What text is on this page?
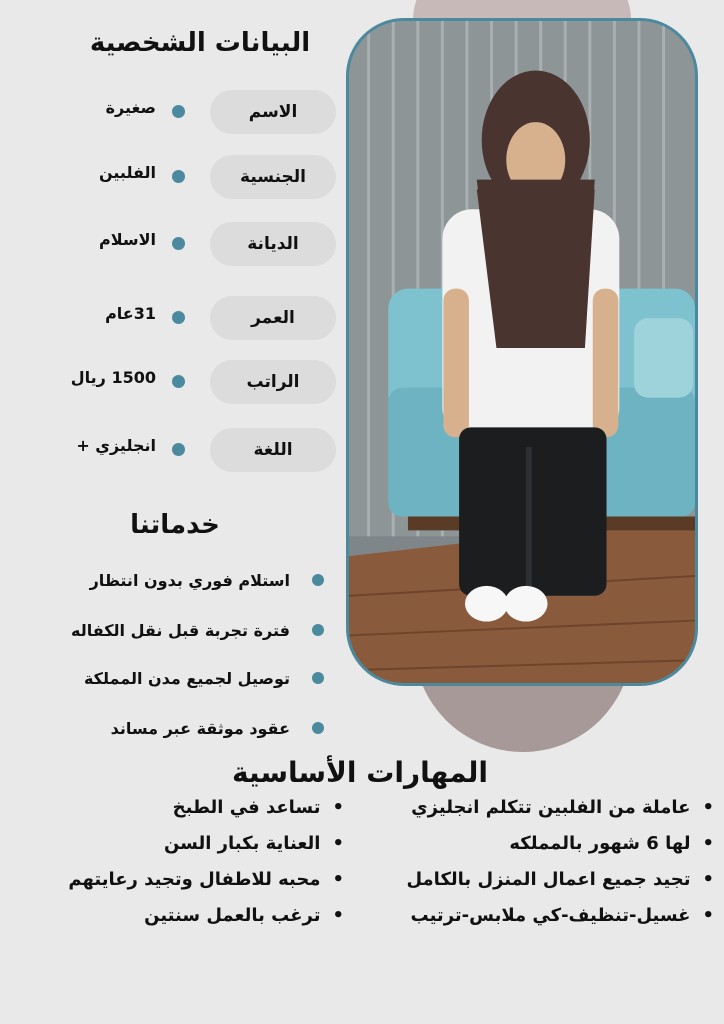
البيانات الشخصية
الاسم
صغيرة
الجنسية
الفلبين
الديانة
الاسلام
العمر
31عام
الراتب
1500 ريال
اللغة
انجليزي +
خدماتنا
استلام فوري بدون انتظار
فترة تجربة قبل نقل الكفاله
توصيل لجميع مدن المملكة
عقود موثقة عبر مساند
المهارات الأساسية
•
عاملة من الفلبين تتكلم انجليزي
•
لها 6 شهور بالمملكه
•
تجيد جميع اعمال المنزل بالكامل
•
غسيل-تنظيف-كي ملابس-ترتيب
•
تساعد في الطبخ
•
العناية بكبار السن
•
محبه للاطفال وتجيد رعايتهم
•
ترغب بالعمل سنتين
